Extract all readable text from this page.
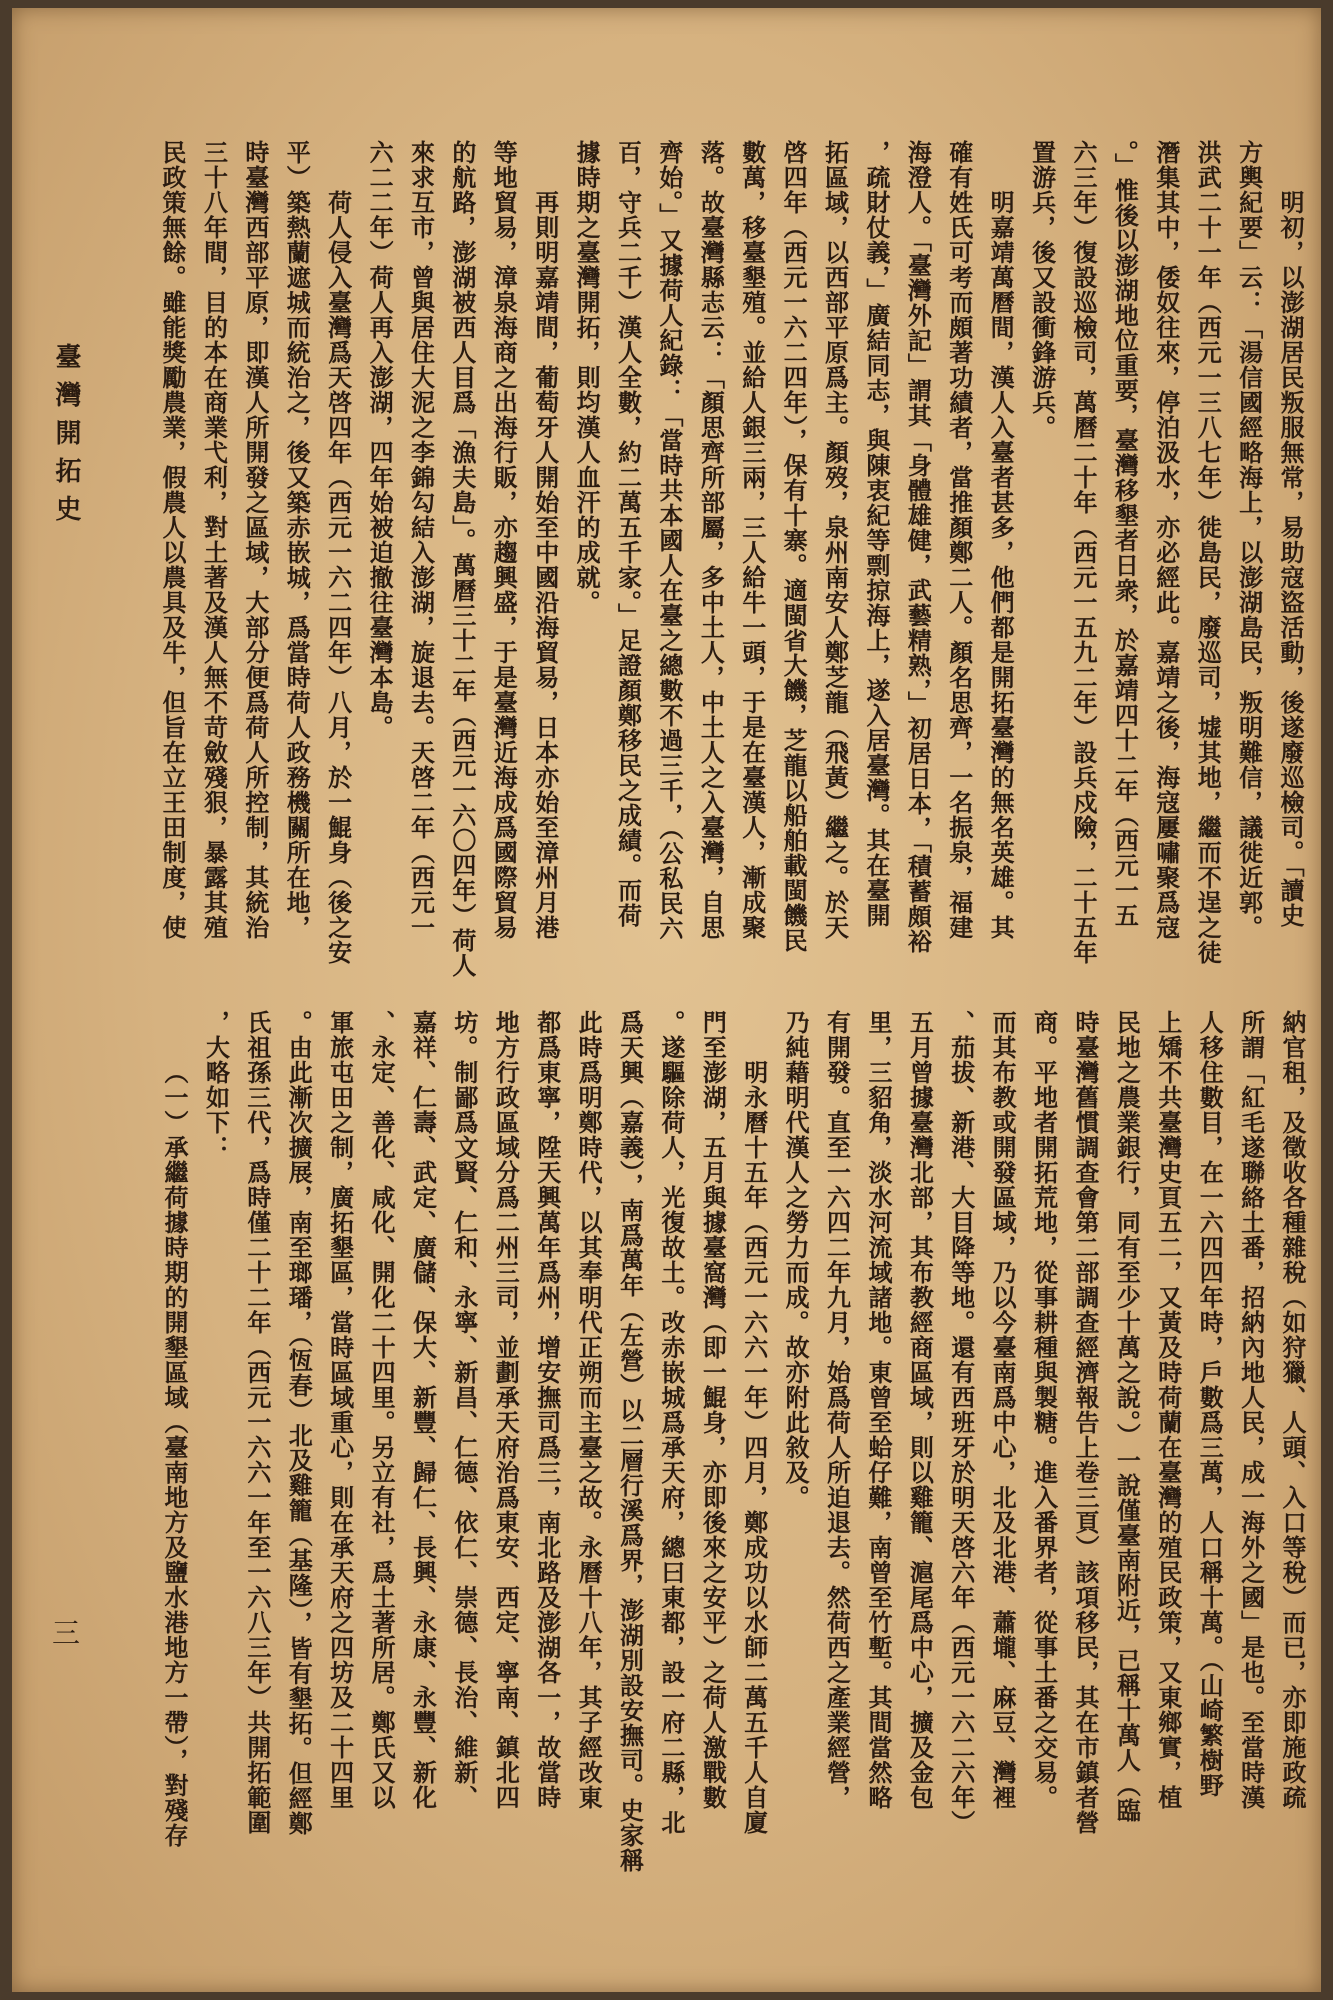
臺灣開拓史
三
明初，以澎湖居民叛服無常，易助寇盜活動，後遂廢巡檢司。「讀史
方輿紀要」云：「湯信國經略海上，以澎湖島民，叛明難信，議徙近郭。
洪武二十一年（西元一三八七年）徙島民，廢巡司，墟其地，繼而不逞之徒
潛集其中，倭奴往來，停泊汲水，亦必經此。嘉靖之後，海寇屢嘯聚爲寇
。」惟後以澎湖地位重要，臺灣移墾者日衆，於嘉靖四十二年（西元一五
六三年）復設巡檢司，萬曆二十年（西元一五九二年）設兵戍險，二十五年
置游兵，後又設衝鋒游兵。
明嘉靖萬曆間，漢人入臺者甚多，他們都是開拓臺灣的無名英雄。其
確有姓氏可考而頗著功績者，當推顏鄭二人。顏名思齊，一名振泉，福建
海澄人。「臺灣外記」謂其「身體雄健，武藝精熟，」初居日本，「積蓄頗裕
，疏財仗義，」廣結同志，與陳衷紀等剽掠海上，遂入居臺灣。其在臺開
拓區域，以西部平原爲主。顏歿，泉州南安人鄭芝龍（飛黃）繼之。於天
啓四年（西元一六二四年），保有十寨。適閩省大饑，芝龍以船舶載閩饑民
數萬，移臺墾殖。並給人銀三兩，三人給牛一頭，于是在臺漢人，漸成聚
落。故臺灣縣志云：「顏思齊所部屬，多中土人，中土人之入臺灣，自思
齊始。」又據荷人紀錄：「當時共本國人在臺之總數不過三千，（公私民六
百，守兵二千）漢人全數，約二萬五千家。」足證顏鄭移民之成績。而荷
據時期之臺灣開拓，則均漢人血汗的成就。
再則明嘉靖間，葡萄牙人開始至中國沿海貿易，日本亦始至漳州月港
等地貿易，漳泉海商之出海行販，亦趨興盛，于是臺灣近海成爲國際貿易
的航路，澎湖被西人目爲「漁夫島」。萬曆三十二年（西元一六〇四年）荷人
來求互市，曾與居住大泥之李錦勾結入澎湖，旋退去。天啓二年（西元一
六二二年）荷人再入澎湖，四年始被迫撤往臺灣本島。
荷人侵入臺灣爲天啓四年（西元一六二四年）八月，於一鯤身（後之安
平）築熱蘭遮城而統治之，後又築赤嵌城，爲當時荷人政務機關所在地，
時臺灣西部平原，即漢人所開發之區域，大部分便爲荷人所控制，其統治
三十八年間，目的本在商業弋利，對土著及漢人無不苛斂殘狠，暴露其殖
民政策無餘。雖能獎勵農業，假農人以農具及牛，但旨在立王田制度，使
納官租，及徵收各種雜稅（如狩獵、人頭、入口等稅）而已，亦即施政疏
所謂「紅毛遂聯絡土番，招納內地人民，成一海外之國」是也。至當時漢
人移住數目，在一六四四年時，戶數爲三萬，人口稱十萬。（山崎繁樹野
上矯不共臺灣史頁五二，又黃及時荷蘭在臺灣的殖民政策，又東鄉實，植
民地之農業銀行，同有至少十萬之說。）一說僅臺南附近，已稱十萬人（臨
時臺灣舊慣調查會第二部調查經濟報告上卷三頁）該項移民，其在市鎮者營
商。平地者開拓荒地，從事耕種與製糖。進入番界者，從事土番之交易。
而其布教或開發區域，乃以今臺南爲中心，北及北港、蕭壠、麻豆、灣裡
、茄拔、新港、大目降等地。還有西班牙於明天啓六年（西元一六二六年）
五月曾據臺灣北部，其布教經商區域，則以雞籠、滬尾爲中心，擴及金包
里，三貂角，淡水河流域諸地。東曾至蛤仔難，南曾至竹塹。其間當然略
有開發。直至一六四二年九月，始爲荷人所迫退去。然荷西之產業經營，
乃純藉明代漢人之勞力而成。故亦附此敘及。
明永曆十五年（西元一六六一年）四月，鄭成功以水師二萬五千人自廈
門至澎湖，五月與據臺窩灣（即一鯤身，亦即後來之安平）之荷人激戰數
。遂驅除荷人，光復故土。改赤嵌城爲承天府，總曰東都，設一府二縣，北
爲天興（嘉義），南爲萬年（左營）以二層行溪爲界，澎湖別設安撫司。史家稱
此時爲明鄭時代，以其奉明代正朔而主臺之故。永曆十八年，其子經改東
都爲東寧，陞天興萬年爲州，增安撫司爲三，南北路及澎湖各一，故當時
地方行政區域分爲二州三司，並劃承天府治爲東安、西定、寧南、鎮北四
坊。制鄙爲文賢、仁和、永寧、新昌、仁德、依仁、崇德、長治、維新、
嘉祥、仁壽、武定、廣儲、保大、新豐、歸仁、長興、永康、永豐、新化
、永定、善化、咸化、開化二十四里。另立有社，爲土著所居。鄭氏又以
軍旅屯田之制，廣拓墾區，當時區域重心，則在承天府之四坊及二十四里
。由此漸次擴展，南至瑯璠，（恆春）北及雞籠（基隆），皆有墾拓。但經鄭
氏祖孫三代，爲時僅二十二年（西元一六六一年至一六八三年）共開拓範圍
，大略如下：
（一）承繼荷據時期的開墾區域（臺南地方及鹽水港地方一帶），對殘存
